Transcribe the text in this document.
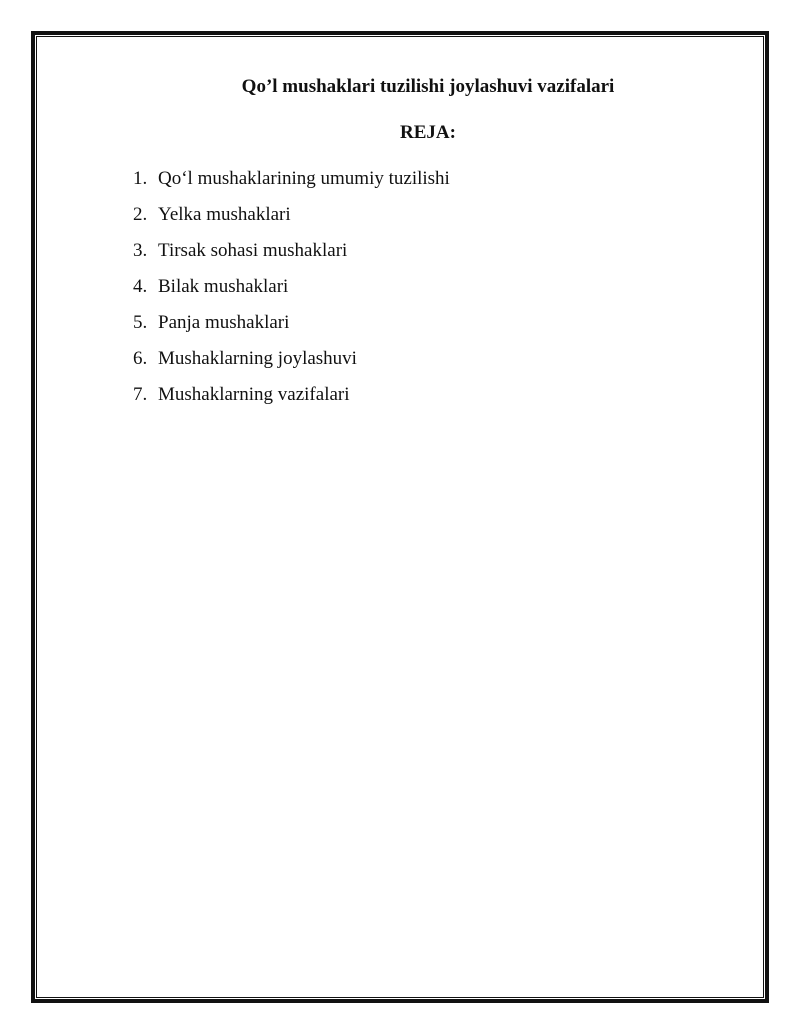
Qo’l mushaklari tuzilishi joylashuvi vazifalari
REJA:
1. Qo‘l mushaklarining umumiy tuzilishi
2. Yelka mushaklari
3. Tirsak sohasi mushaklari
4. Bilak mushaklari
5. Panja mushaklari
6. Mushaklarning joylashuvi
7. Mushaklarning vazifalari
